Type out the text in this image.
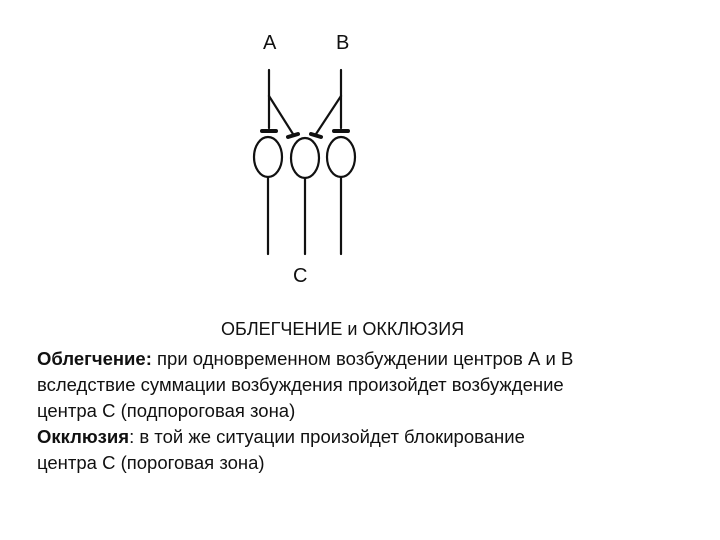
A	B
C
ОБЛЕГЧЕНИЕ и ОККЛЮЗИЯ

Облегчение: при одновременном возбуждении центров А и В

вследствие суммации возбуждения произойдет возбуждение

центра С (подпороговая зона)

Окклюзия: в той же ситуации произойдет блокирование

центра С (пороговая зона)
